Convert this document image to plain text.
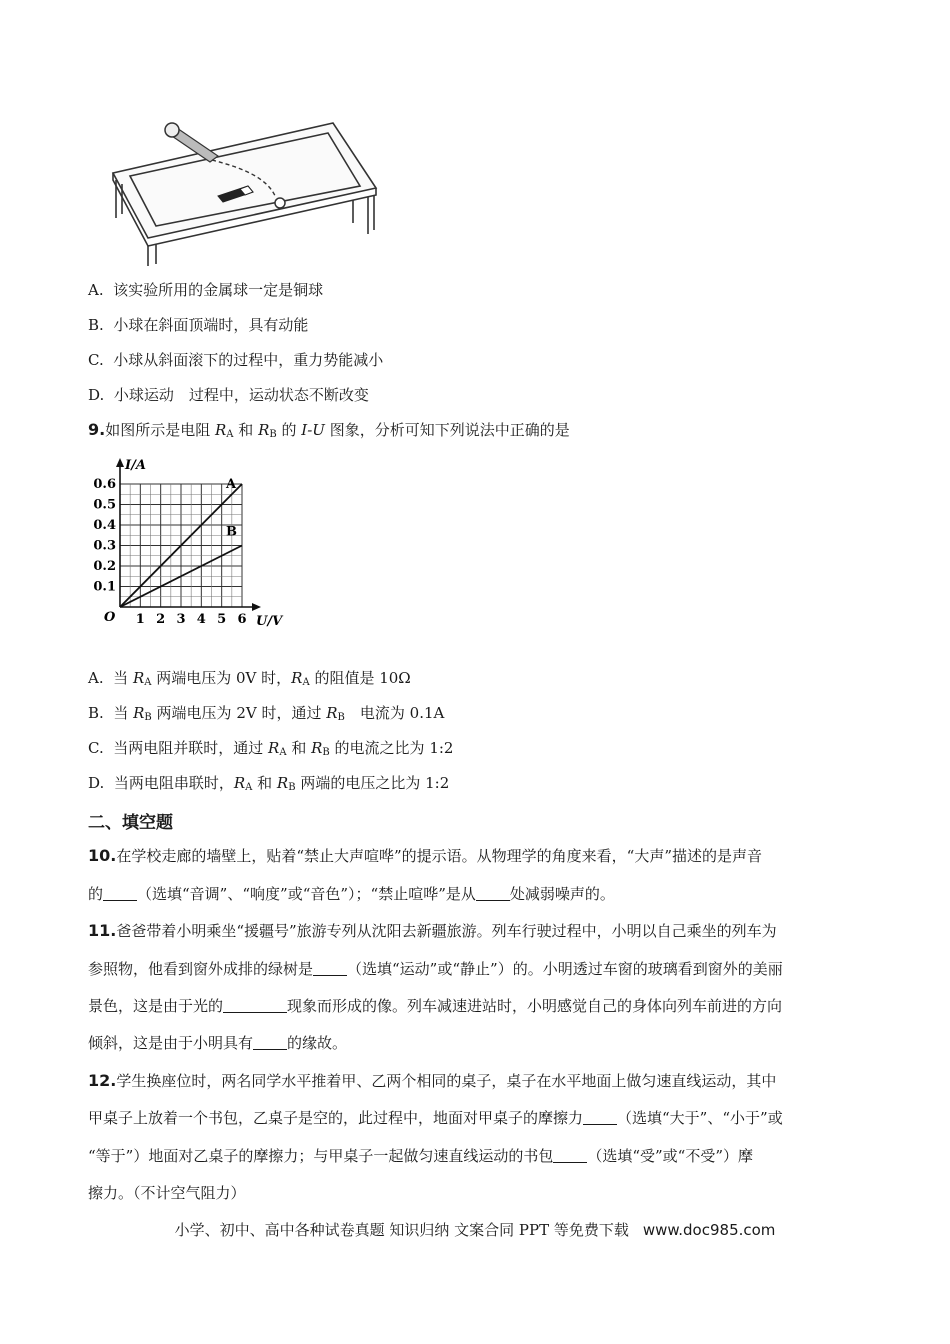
A. 该实验所用的金属球一定是铜球
B. 小球在斜面顶端时，具有动能
C. 小球从斜面滚下的过程中，重力势能减小
D. 小球运动　过程中，运动状态不断改变
9.如图所示是电阻 $R_A$ 和 $R_B$ 的 I-U 图象，分析可知下列说法中正确的是
I/A
U/V
O 1 2 3 4 5 6
0.1
0.2
0.3
0.4
0.5
0.6	A
B
A. 当 $R_A$ 两端电压为 0V 时，$R_A$ 的阻值是 10Ω
B. 当 $R_B$ 两端电压为 2V 时，通过 $R_B$　电流为 0.1A
C. 当两电阻并联时，通过 $R_A$ 和 $R_B$ 的电流之比为 1:2
D. 当两电阻串联时，$R_A$ 和 $R_B$ 两端的电压之比为 1:2
二、填空题
10.在学校走廊的墙壁上，贴着“禁止大声喧哗”的提示语。从物理学的角度来看，“大声”描述的是声音
的 （选填“音调”、“响度”或“音色”）；“禁止喧哗”是从 处减弱噪声的。
11.爸爸带着小明乘坐“援疆号”旅游专列从沈阳去新疆旅游。列车行驶过程中，小明以自己乘坐的列车为
参照物，他看到窗外成排的绿树是 （选填“运动”或“静止”）的。小明透过车窗的玻璃看到窗外的美丽
景色，这是由于光的	现象而形成的像。列车减速进站时，小明感觉自己的身体向列车前进的方向
倾斜，这是由于小明具有 的缘故。
12.学生换座位时，两名同学水平推着甲、乙两个相同的桌子，桌子在水平地面上做匀速直线运动，其中
甲桌子上放着一个书包，乙桌子是空的，此过程中，地面对甲桌子的摩擦力 （选填“大于”、“小于”或
“等于”）地面对乙桌子的摩擦力；与甲桌子一起做匀速直线运动的书包 （选填“受”或“不受”）摩
擦力。（不计空气阻力）
小学、初中、高中各种试卷真题 知识归纳 文案合同 PPT 等免费下载 www.doc985.com
